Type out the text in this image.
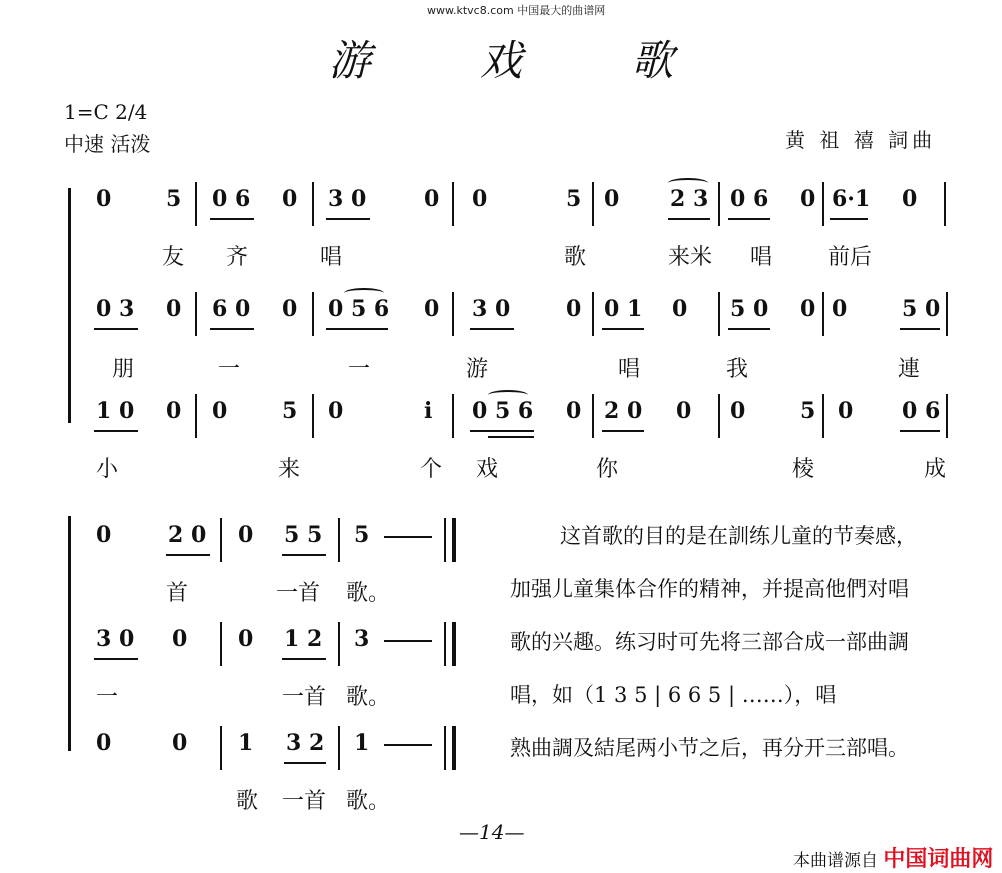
www.ktvc8.com 中国最大的曲谱网
游 戏 歌
1=C 2/4
中速 活泼	黄 祖 禧 詞曲
0 5 0 6 0 3 0	0 0	5 0 2 3 0 6 0 6·1 0
友 齐	唱	歌	来米 唱	前后
0 3 0 6 0 0 0 5 6 0 3 0	0 0 1 0 5 0 0 0 5 0
朋	一	一	游	唱	我	連
1 0 0 0 5 0	i 0 5 6 0 2 0 0 0 5 0 0 6
小	来	个 戏	你	棱	成
0	2 0 0 5 5 5
首	一首 歌。
3 0 0 0 1 2 3
一	一首 歌。
0	0 1 3 2 1
歌 一首 歌。
这首歌的目的是在訓练儿童的节奏感，
加强儿童集体合作的精神，并提高他們对唱
歌的兴趣。练习时可先将三部合成一部曲調
唱，如（1 3 5 | 6 6 5 | ……），唱
熟曲調及結尾两小节之后，再分开三部唱。
—14—
本曲谱源自 中国词曲网
